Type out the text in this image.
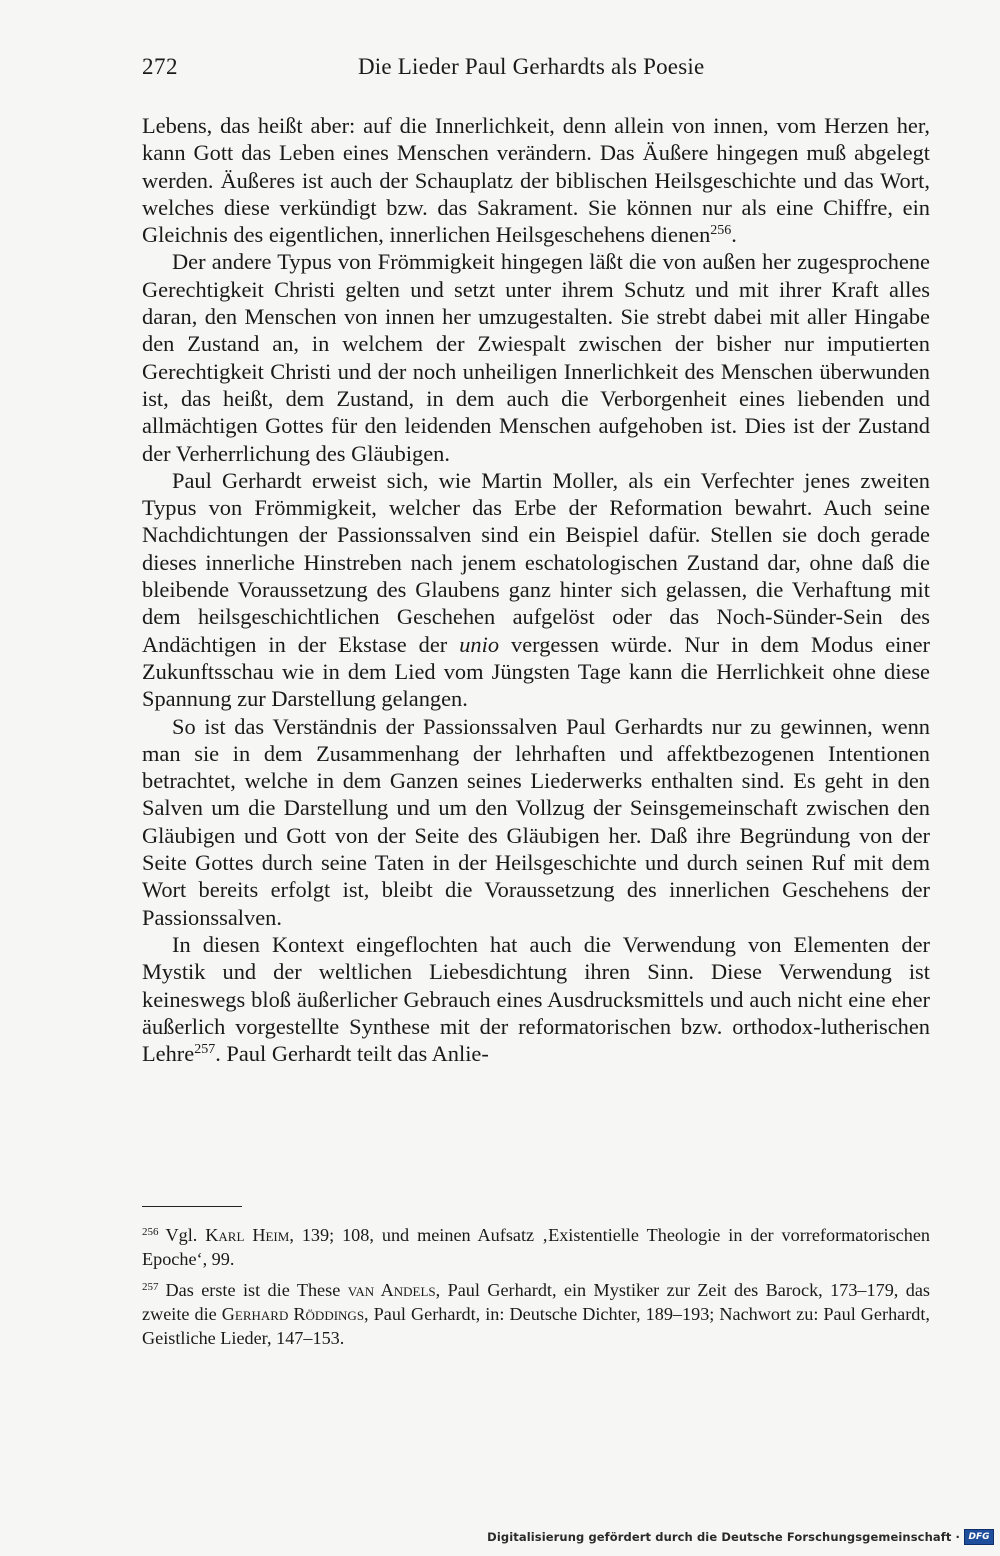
272	Die Lieder Paul Gerhardts als Poesie

Lebens, das heißt aber: auf die Innerlichkeit, denn allein von innen, vom Herzen her, kann Gott das Leben eines Menschen verändern. Das Äußere hingegen muß abgelegt werden. Äußeres ist auch der Schauplatz der biblischen Heilsgeschichte und das Wort, welches diese verkündigt bzw. das Sakrament. Sie können nur als eine Chiffre, ein Gleichnis des eigentlichen, innerlichen Heilsgeschehens dienen$^{256}$.

Der andere Typus von Frömmigkeit hingegen läßt die von außen her zugesprochene Gerechtigkeit Christi gelten und setzt unter ihrem Schutz und mit ihrer Kraft alles daran, den Menschen von innen her umzugestalten. Sie strebt dabei mit aller Hingabe den Zustand an, in welchem der Zwiespalt zwischen der bisher nur imputierten Gerechtigkeit Christi und der noch unheiligen Innerlichkeit des Menschen überwunden ist, das heißt, dem Zustand, in dem auch die Verborgenheit eines liebenden und allmächtigen Gottes für den leidenden Menschen aufgehoben ist. Dies ist der Zustand der Verherrlichung des Gläubigen.

Paul Gerhardt erweist sich, wie Martin Moller, als ein Verfechter jenes zweiten Typus von Frömmigkeit, welcher das Erbe der Reformation bewahrt. Auch seine Nachdichtungen der Passionssalven sind ein Beispiel dafür. Stellen sie doch gerade dieses innerliche Hinstreben nach jenem eschatologischen Zustand dar, ohne daß die bleibende Voraussetzung des Glaubens ganz hinter sich gelassen, die Verhaftung mit dem heilsgeschichtlichen Geschehen aufgelöst oder das Noch-Sünder-Sein des Andächtigen in der Ekstase der unio vergessen würde. Nur in dem Modus einer Zukunftsschau wie in dem Lied vom Jüngsten Tage kann die Herrlichkeit ohne diese Spannung zur Darstellung gelangen.

So ist das Verständnis der Passionssalven Paul Gerhardts nur zu gewinnen, wenn man sie in dem Zusammenhang der lehrhaften und affektbezogenen Intentionen betrachtet, welche in dem Ganzen seines Liederwerks enthalten sind. Es geht in den Salven um die Darstellung und um den Vollzug der Seinsgemeinschaft zwischen den Gläubigen und Gott von der Seite des Gläubigen her. Daß ihre Begründung von der Seite Gottes durch seine Taten in der Heilsgeschichte und durch seinen Ruf mit dem Wort bereits erfolgt ist, bleibt die Voraussetzung des innerlichen Geschehens der Passionssalven.

In diesen Kontext eingeflochten hat auch die Verwendung von Elementen der Mystik und der weltlichen Liebesdichtung ihren Sinn. Diese Verwendung ist keineswegs bloß äußerlicher Gebrauch eines Ausdrucksmittels und auch nicht eine eher äußerlich vorgestellte Synthese mit der reformatorischen bzw. orthodox-lutherischen Lehre$^{257}$. Paul Gerhardt teilt das Anlie-

$^{256}$ Vgl. Karl Heim, 139; 108, und meinen Aufsatz ‚Existentielle Theologie in der vorreformatorischen Epoche‘, 99.

$^{257}$ Das erste ist die These van Andels, Paul Gerhardt, ein Mystiker zur Zeit des Barock, 173–179, das zweite die Gerhard Röddings, Paul Gerhardt, in: Deutsche Dichter, 189–193; Nachwort zu: Paul Gerhardt, Geistliche Lieder, 147–153.

Digitalisierung gefördert durch die Deutsche Forschungsgemeinschaft · DFG
